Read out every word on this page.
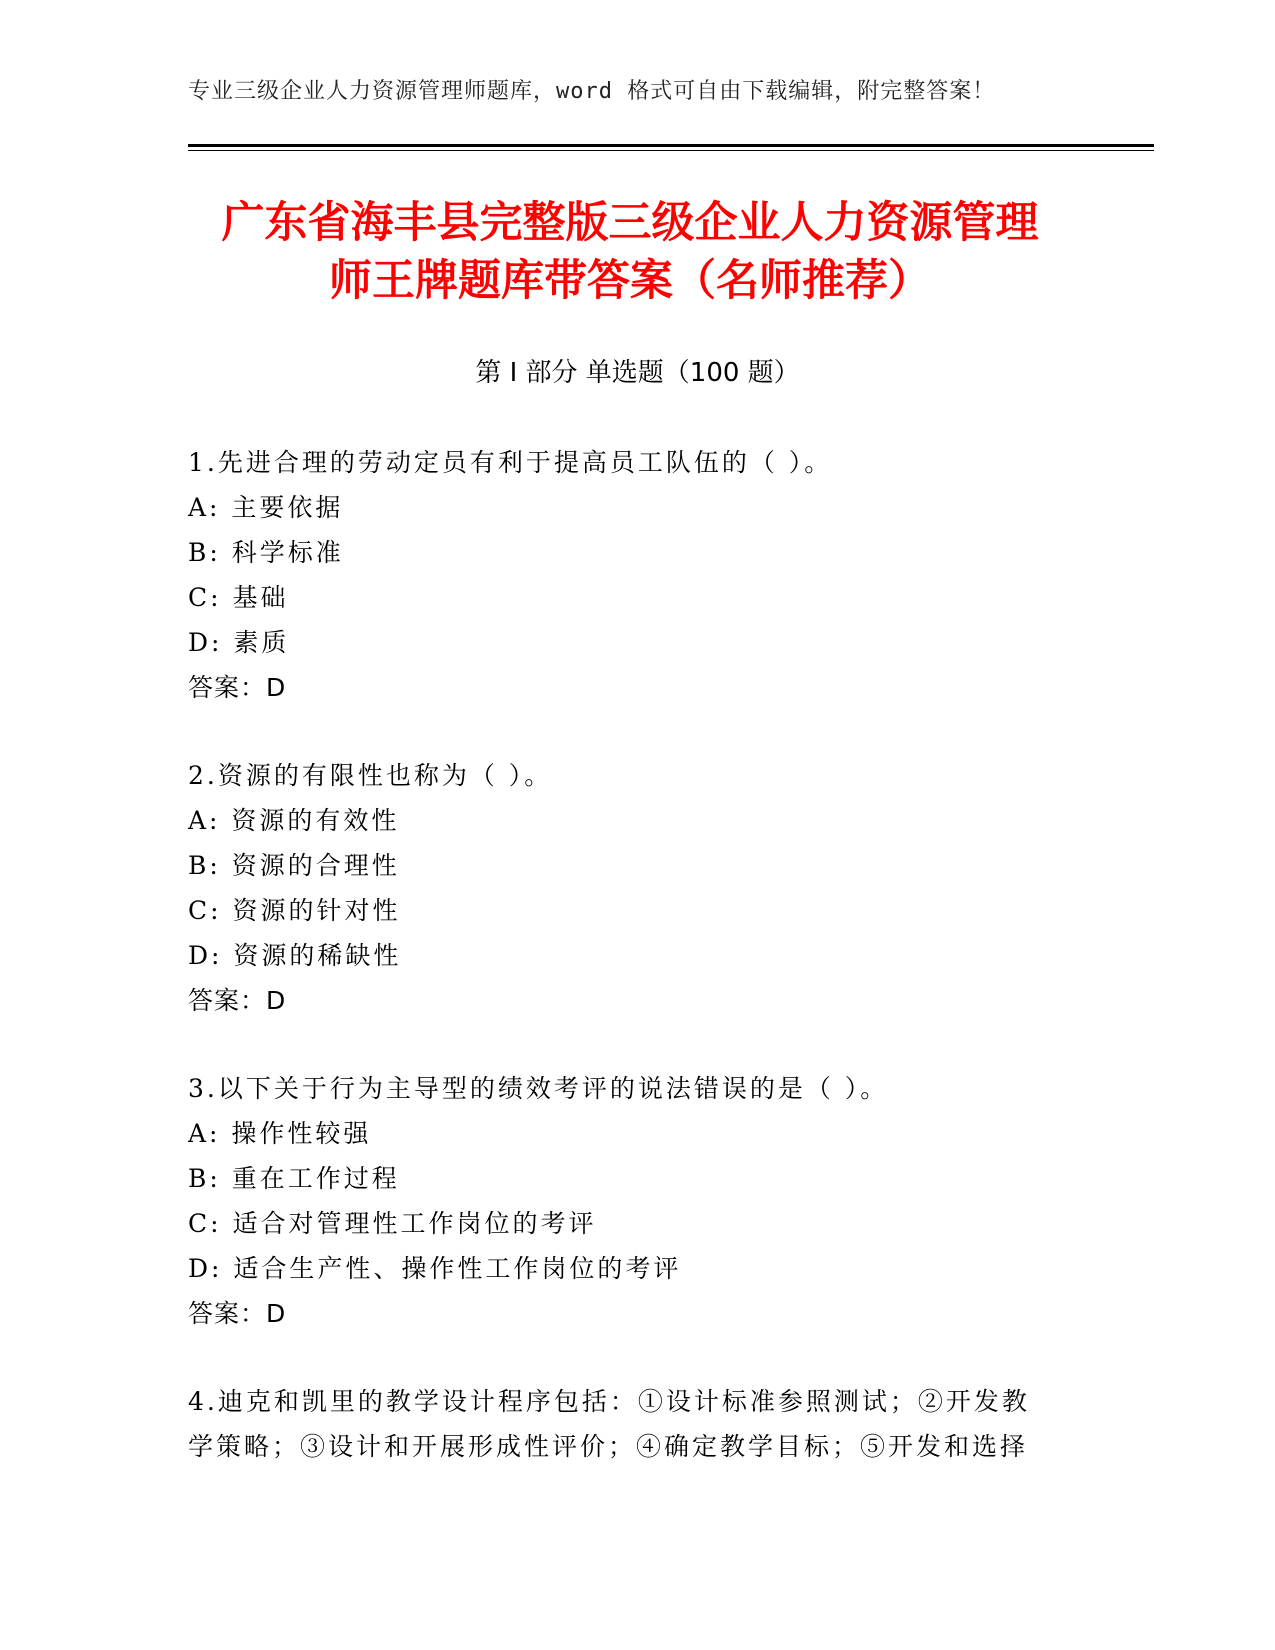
专业三级企业人力资源管理师题库，word 格式可自由下载编辑，附完整答案！
广东省海丰县完整版三级企业人力资源管理
师王牌题库带答案（名师推荐）
第 I 部分 单选题（100 题）
1.先进合理的劳动定员有利于提高员工队伍的（ ）。
A: 主要依据
B: 科学标准
C: 基础
D: 素质
答案：D
2.资源的有限性也称为（ ）。
A: 资源的有效性
B: 资源的合理性
C: 资源的针对性
D: 资源的稀缺性
答案：D
3.以下关于行为主导型的绩效考评的说法错误的是（ ）。
A: 操作性较强
B: 重在工作过程
C: 适合对管理性工作岗位的考评
D: 适合生产性、操作性工作岗位的考评
答案：D
4.迪克和凯里的教学设计程序包括：①设计标准参照测试；②开发教
学策略；③设计和开展形成性评价；④确定教学目标；⑤开发和选择
